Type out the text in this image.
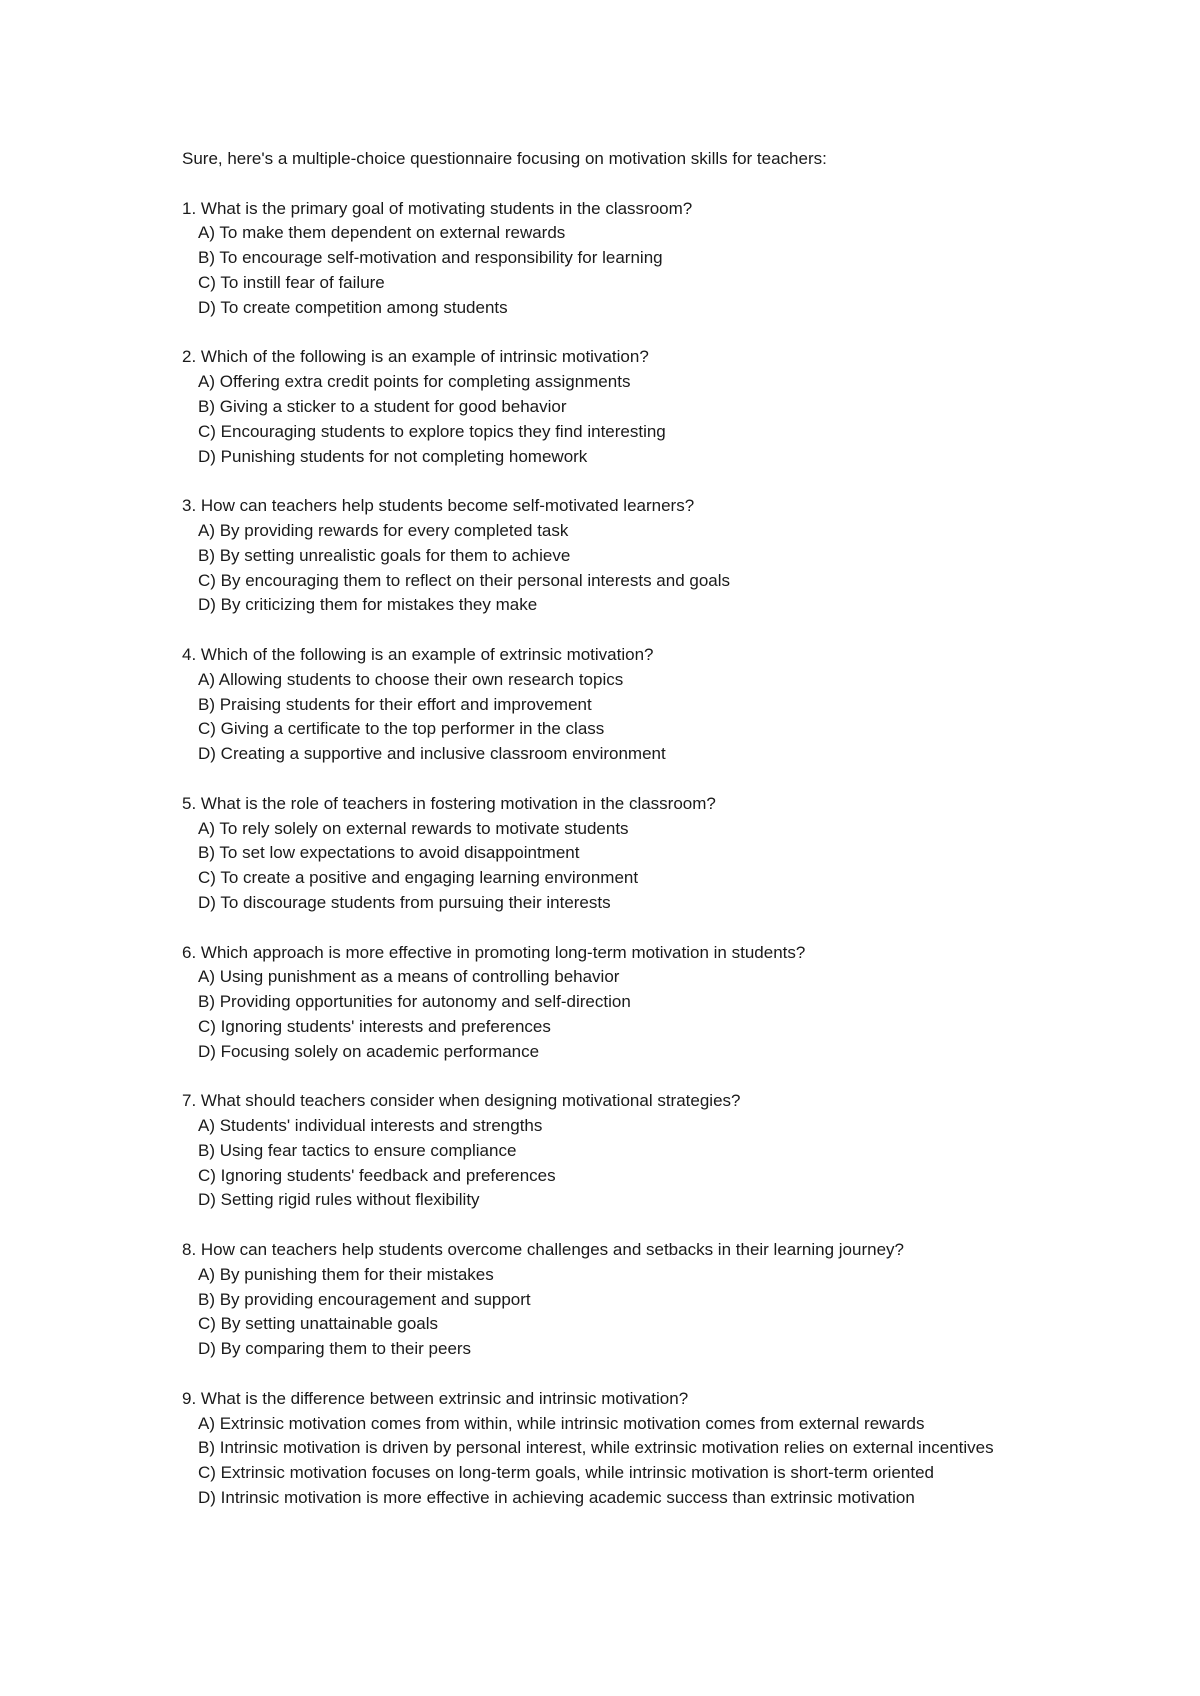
Sure, here's a multiple-choice questionnaire focusing on motivation skills for teachers:
1. What is the primary goal of motivating students in the classroom?
A) To make them dependent on external rewards
B) To encourage self-motivation and responsibility for learning
C) To instill fear of failure
D) To create competition among students
2. Which of the following is an example of intrinsic motivation?
A) Offering extra credit points for completing assignments
B) Giving a sticker to a student for good behavior
C) Encouraging students to explore topics they find interesting
D) Punishing students for not completing homework
3. How can teachers help students become self-motivated learners?
A) By providing rewards for every completed task
B) By setting unrealistic goals for them to achieve
C) By encouraging them to reflect on their personal interests and goals
D) By criticizing them for mistakes they make
4. Which of the following is an example of extrinsic motivation?
A) Allowing students to choose their own research topics
B) Praising students for their effort and improvement
C) Giving a certificate to the top performer in the class
D) Creating a supportive and inclusive classroom environment
5. What is the role of teachers in fostering motivation in the classroom?
A) To rely solely on external rewards to motivate students
B) To set low expectations to avoid disappointment
C) To create a positive and engaging learning environment
D) To discourage students from pursuing their interests
6. Which approach is more effective in promoting long-term motivation in students?
A) Using punishment as a means of controlling behavior
B) Providing opportunities for autonomy and self-direction
C) Ignoring students' interests and preferences
D) Focusing solely on academic performance
7. What should teachers consider when designing motivational strategies?
A) Students' individual interests and strengths
B) Using fear tactics to ensure compliance
C) Ignoring students' feedback and preferences
D) Setting rigid rules without flexibility
8. How can teachers help students overcome challenges and setbacks in their learning journey?
A) By punishing them for their mistakes
B) By providing encouragement and support
C) By setting unattainable goals
D) By comparing them to their peers
9. What is the difference between extrinsic and intrinsic motivation?
A) Extrinsic motivation comes from within, while intrinsic motivation comes from external rewards
B) Intrinsic motivation is driven by personal interest, while extrinsic motivation relies on external incentives
C) Extrinsic motivation focuses on long-term goals, while intrinsic motivation is short-term oriented
D) Intrinsic motivation is more effective in achieving academic success than extrinsic motivation
